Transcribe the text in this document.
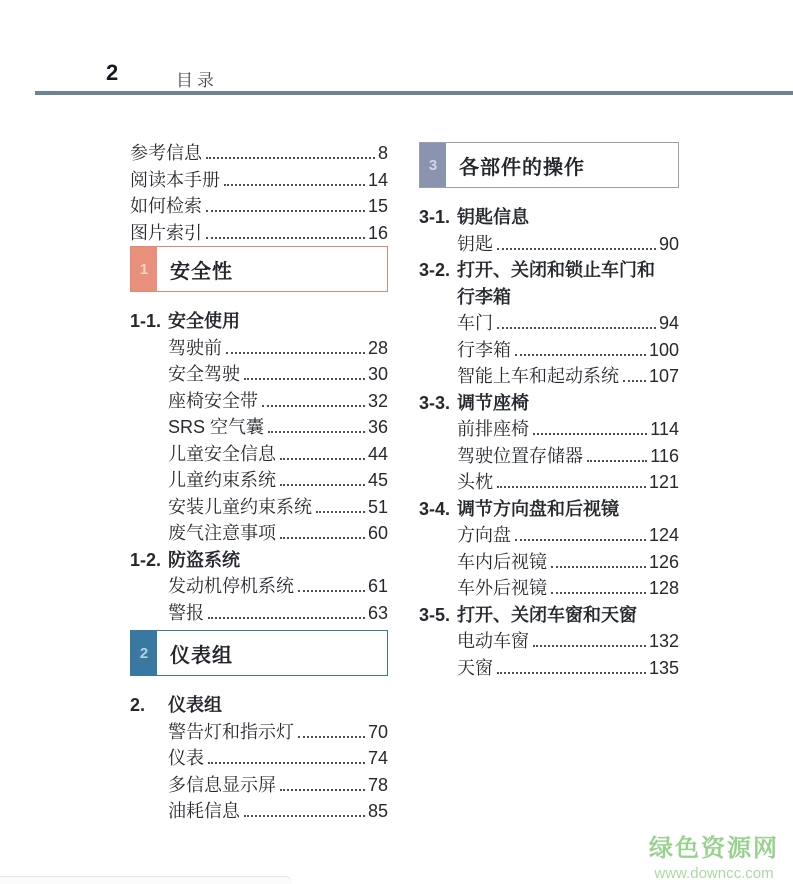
2	目录
参考信息	8
阅读本手册	14
如何检索	15
图片索引	16
1	安全性
1-1. 安全使用
驾驶前	28
安全驾驶	30
座椅安全带	32
SRS 空气囊	36
儿童安全信息	44
儿童约束系统	45
安装儿童约束系统	51
废气注意事项	60
1-2. 防盗系统
发动机停机系统	61
警报	63
2	仪表组
2.	仪表组
警告灯和指示灯	70
仪表	74
多信息显示屏	78
油耗信息	85
3	各部件的操作
3-1. 钥匙信息
钥匙	90
3-2. 打开、关闭和锁止车门和
行李箱
车门	94
行李箱	100
智能上车和起动系统 107
3-3. 调节座椅
前排座椅	114
驾驶位置存储器	116
头枕	121
3-4. 调节方向盘和后视镜
方向盘	124
车内后视镜	126
车外后视镜	128
3-5. 打开、关闭车窗和天窗
电动车窗	132
天窗	135
绿色资源网
www.downcc.com
